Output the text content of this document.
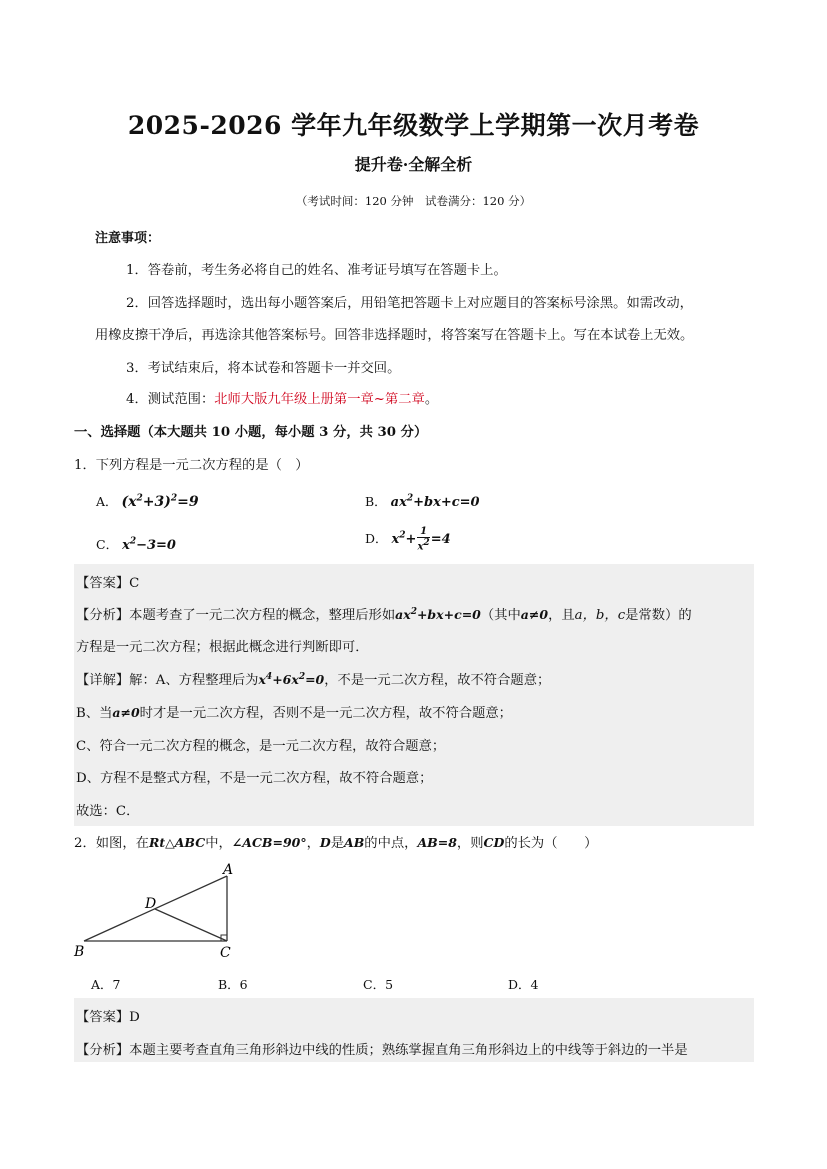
2025-2026 学年九年级数学上学期第一次月考卷
提升卷·全解全析
（考试时间：120 分钟　试卷满分：120 分）
注意事项：
1．答卷前，考生务必将自己的姓名、准考证号填写在答题卡上。
2．回答选择题时，选出每小题答案后，用铅笔把答题卡上对应题目的答案标号涂黑。如需改动，
用橡皮擦干净后，再选涂其他答案标号。回答非选择题时，将答案写在答题卡上。写在本试卷上无效。
3．考试结束后，将本试卷和答题卡一并交回。
4．测试范围：北师大版九年级上册第一章~第二章。
一、选择题（本大题共 10 小题，每小题 3 分，共 30 分）
1．下列方程是一元二次方程的是（　）
A． $(x^2+3)^2=9$	B． $ax^2+bx+c=0$
C． $x^2-3=0$	D． $x^2+ \frac{1}{x^2} =4$
【答案】C
【分析】本题考查了一元二次方程的概念，整理后形如$ax^2+bx+c=0$（其中a≠0，且a，b，c是常数）的
方程是一元二次方程；根据此概念进行判断即可．
【详解】解：A、方程整理后为$x^4+6x^2=0$，不是一元二次方程，故不符合题意；
B、当a≠0时才是一元二次方程，否则不是一元二次方程，故不符合题意；
C、符合一元二次方程的概念，是一元二次方程，故符合题意；
D、方程不是整式方程，不是一元二次方程，故不符合题意；
故选：C．
2．如图，在Rt△ABC中，∠ACB=90°，D是AB的中点，AB=8，则CD的长为（　　）
A
B	C
D
A．7	B．6	C．5	D．4
【答案】D
【分析】本题主要考查直角三角形斜边中线的性质；熟练掌握直角三角形斜边上的中线等于斜边的一半是
